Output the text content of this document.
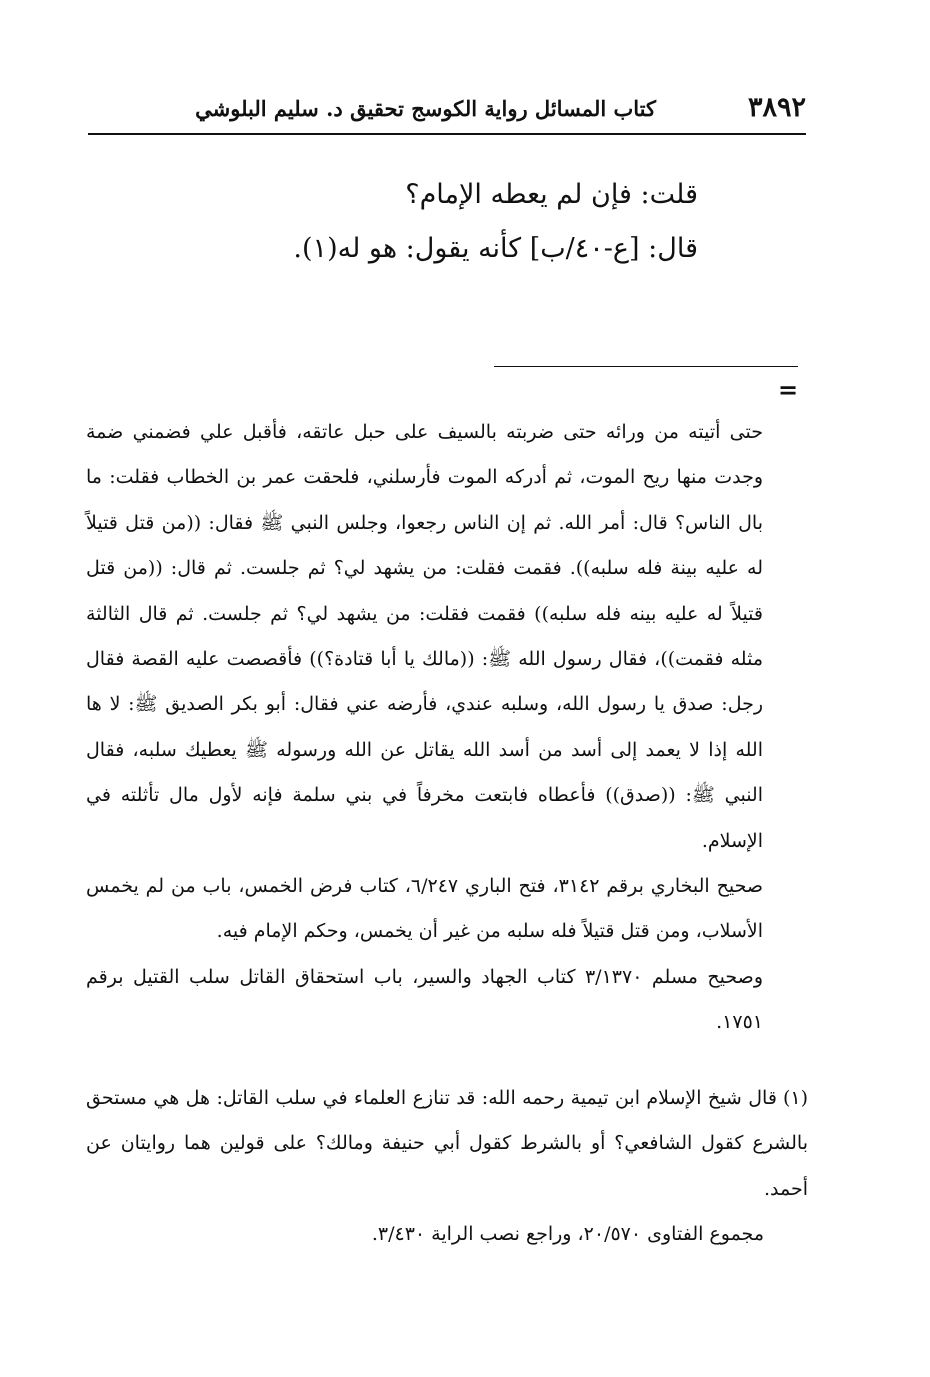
٣٨٩٢
كتاب المسائل رواية الكوسج تحقيق د. سليم البلوشي
قلت: فإن لم يعطه الإمام؟
قال: [ع-٤٠/ب] كأنه يقول: هو له(١).
=

حتى أتيته من ورائه حتى ضربته بالسيف على حبل عاتقه، فأقبل علي فضمني ضمة وجدت منها ريح الموت، ثم أدركه الموت فأرسلني، فلحقت عمر بن الخطاب فقلت: ما بال الناس؟ قال: أمر الله. ثم إن الناس رجعوا، وجلس النبي ﷺ فقال: ((من قتل قتيلاً له عليه بينة فله سلبه)). فقمت فقلت: من يشهد لي؟ ثم جلست. ثم قال: ((من قتل قتيلاً له عليه بينه فله سلبه)) فقمت فقلت: من يشهد لي؟ ثم جلست. ثم قال الثالثة مثله فقمت))، فقال رسول الله ﷺ: ((مالك يا أبا قتادة؟)) فأقصصت عليه القصة فقال رجل: صدق يا رسول الله، وسلبه عندي، فأرضه عني فقال: أبو بكر الصديق ﷺ: لا ها الله إذا لا يعمد إلى أسد من أسد الله يقاتل عن الله ورسوله ﷺ يعطيك سلبه، فقال النبي ﷺ: ((صدق)) فأعطاه فابتعت مخرفاً في بني سلمة فإنه لأول مال تأثلته في الإسلام.

صحيح البخاري برقم ٣١٤٢، فتح الباري ٦/٢٤٧، كتاب فرض الخمس، باب من لم يخمس الأسلاب، ومن قتل قتيلاً فله سلبه من غير أن يخمس، وحكم الإمام فيه.

وصحيح مسلم ٣/١٣٧٠ كتاب الجهاد والسير، باب استحقاق القاتل سلب القتيل برقم ١٧٥١.

(١)قال شيخ الإسلام ابن تيمية رحمه الله: قد تنازع العلماء في سلب القاتل: هل هي مستحق بالشرع كقول الشافعي؟ أو بالشرط كقول أبي حنيفة ومالك؟ على قولين هما روايتان عن أحمد.

مجموع الفتاوى ٢٠/٥٧٠، وراجع نصب الراية ٣/٤٣٠.
